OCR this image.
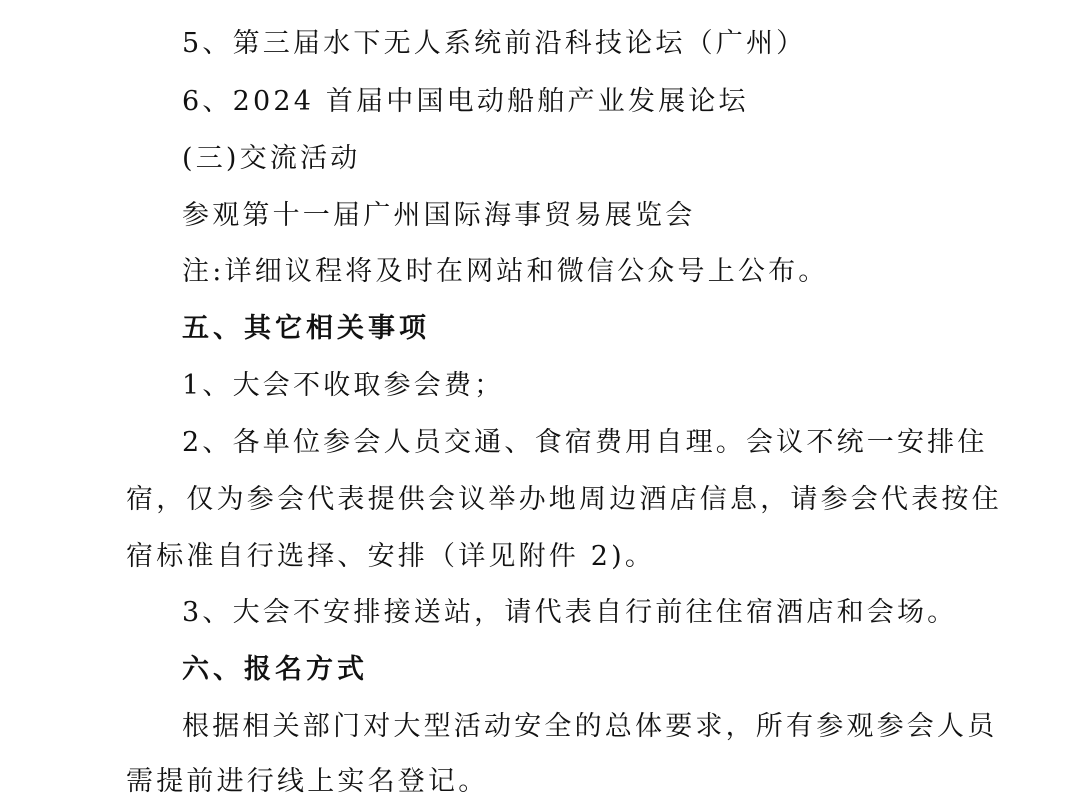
5、第三届水下无人系统前沿科技论坛（广州）
6、2024 首届中国电动船舶产业发展论坛
(三)交流活动
参观第十一届广州国际海事贸易展览会
注:详细议程将及时在网站和微信公众号上公布。
五、其它相关事项
1、大会不收取参会费；
2、各单位参会人员交通、食宿费用自理。会议不统一安排住
宿，仅为参会代表提供会议举办地周边酒店信息，请参会代表按住
宿标准自行选择、安排（详见附件 2)。
3、大会不安排接送站，请代表自行前往住宿酒店和会场。
六、报名方式
根据相关部门对大型活动安全的总体要求，所有参观参会人员
需提前进行线上实名登记。
